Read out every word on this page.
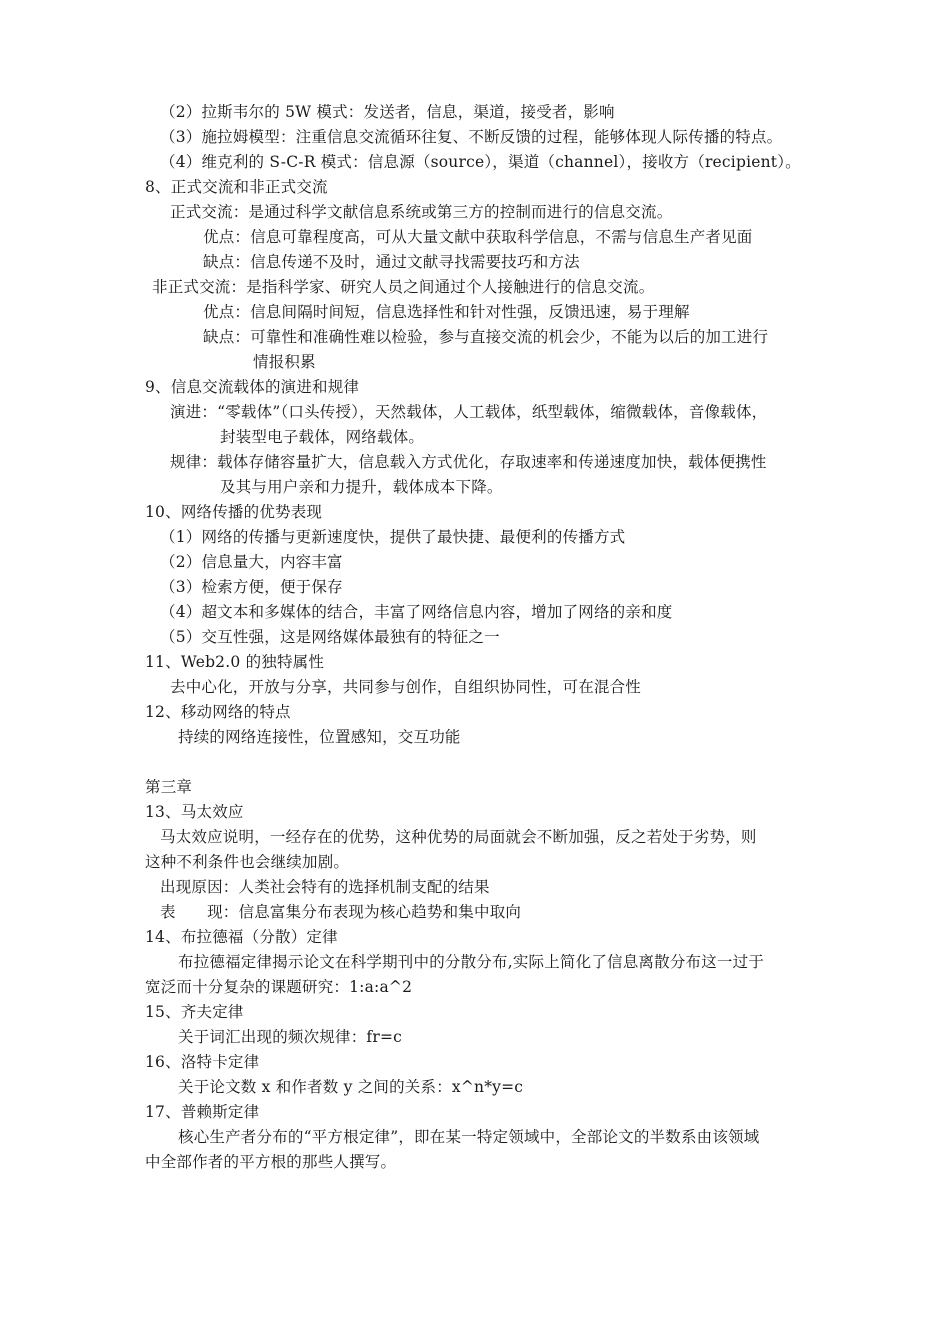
（2）拉斯韦尔的 5W 模式：发送者，信息，渠道，接受者，影响
（3）施拉姆模型：注重信息交流循环往复、不断反馈的过程，能够体现人际传播的特点。
（4）维克利的 S-C-R 模式：信息源（source），渠道（channel），接收方（recipient）。
8、正式交流和非正式交流
正式交流：是通过科学文献信息系统或第三方的控制而进行的信息交流。
优点：信息可靠程度高，可从大量文献中获取科学信息，不需与信息生产者见面
缺点：信息传递不及时，通过文献寻找需要技巧和方法
非正式交流：是指科学家、研究人员之间通过个人接触进行的信息交流。
优点：信息间隔时间短，信息选择性和针对性强，反馈迅速，易于理解
缺点：可靠性和准确性难以检验，参与直接交流的机会少，不能为以后的加工进行
情报积累
9、信息交流载体的演进和规律
演进：“零载体”（口头传授），天然载体，人工载体，纸型载体，缩微载体，音像载体，
封装型电子载体，网络载体。
规律：载体存储容量扩大，信息载入方式优化，存取速率和传递速度加快，载体便携性
及其与用户亲和力提升，载体成本下降。
10、网络传播的优势表现
（1）网络的传播与更新速度快，提供了最快捷、最便利的传播方式
（2）信息量大，内容丰富
（3）检索方便，便于保存
（4）超文本和多媒体的结合，丰富了网络信息内容，增加了网络的亲和度
（5）交互性强，这是网络媒体最独有的特征之一
11、Web2.0 的独特属性
去中心化，开放与分享，共同参与创作，自组织协同性，可在混合性
12、移动网络的特点
持续的网络连接性，位置感知，交互功能
第三章
13、马太效应
马太效应说明，一经存在的优势，这种优势的局面就会不断加强，反之若处于劣势，则
这种不利条件也会继续加剧。
出现原因：人类社会特有的选择机制支配的结果
表　　现：信息富集分布表现为核心趋势和集中取向
14、布拉德福（分散）定律
布拉德福定律揭示论文在科学期刊中的分散分布,实际上简化了信息离散分布这一过于
宽泛而十分复杂的课题研究：1:a:a^2
15、齐夫定律
关于词汇出现的频次规律：fr=c
16、洛特卡定律
关于论文数 x 和作者数 y 之间的关系：x^n*y=c
17、普赖斯定律
核心生产者分布的“平方根定律”，即在某一特定领域中，全部论文的半数系由该领域
中全部作者的平方根的那些人撰写。
